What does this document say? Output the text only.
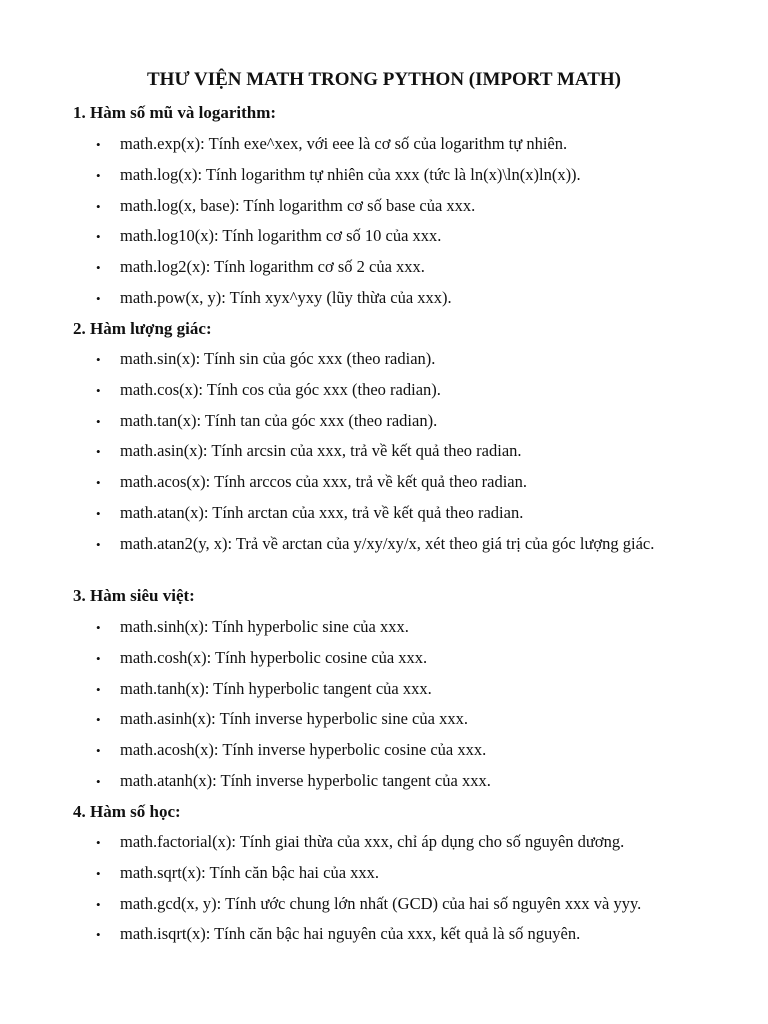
THƯ VIỆN MATH TRONG PYTHON (IMPORT MATH)
1. Hàm số mũ và logarithm:
• math.exp(x): Tính exe^xex, với eee là cơ số của logarithm tự nhiên.
• math.log(x): Tính logarithm tự nhiên của xxx (tức là ln(x)\ln(x)ln(x)).
• math.log(x, base): Tính logarithm cơ số base của xxx.
• math.log10(x): Tính logarithm cơ số 10 của xxx.
• math.log2(x): Tính logarithm cơ số 2 của xxx.
• math.pow(x, y): Tính xyx^yxy (lũy thừa của xxx).
2. Hàm lượng giác:
• math.sin(x): Tính sin của góc xxx (theo radian).
• math.cos(x): Tính cos của góc xxx (theo radian).
• math.tan(x): Tính tan của góc xxx (theo radian).
• math.asin(x): Tính arcsin của xxx, trả về kết quả theo radian.
• math.acos(x): Tính arccos của xxx, trả về kết quả theo radian.
• math.atan(x): Tính arctan của xxx, trả về kết quả theo radian.
• math.atan2(y, x): Trả về arctan của y/xy/xy/x, xét theo giá trị của góc lượng giác.
3. Hàm siêu việt:
• math.sinh(x): Tính hyperbolic sine của xxx.
• math.cosh(x): Tính hyperbolic cosine của xxx.
• math.tanh(x): Tính hyperbolic tangent của xxx.
• math.asinh(x): Tính inverse hyperbolic sine của xxx.
• math.acosh(x): Tính inverse hyperbolic cosine của xxx.
• math.atanh(x): Tính inverse hyperbolic tangent của xxx.
4. Hàm số học:
• math.factorial(x): Tính giai thừa của xxx, chỉ áp dụng cho số nguyên dương.
• math.sqrt(x): Tính căn bậc hai của xxx.
• math.gcd(x, y): Tính ước chung lớn nhất (GCD) của hai số nguyên xxx và yyy.
• math.isqrt(x): Tính căn bậc hai nguyên của xxx, kết quả là số nguyên.
